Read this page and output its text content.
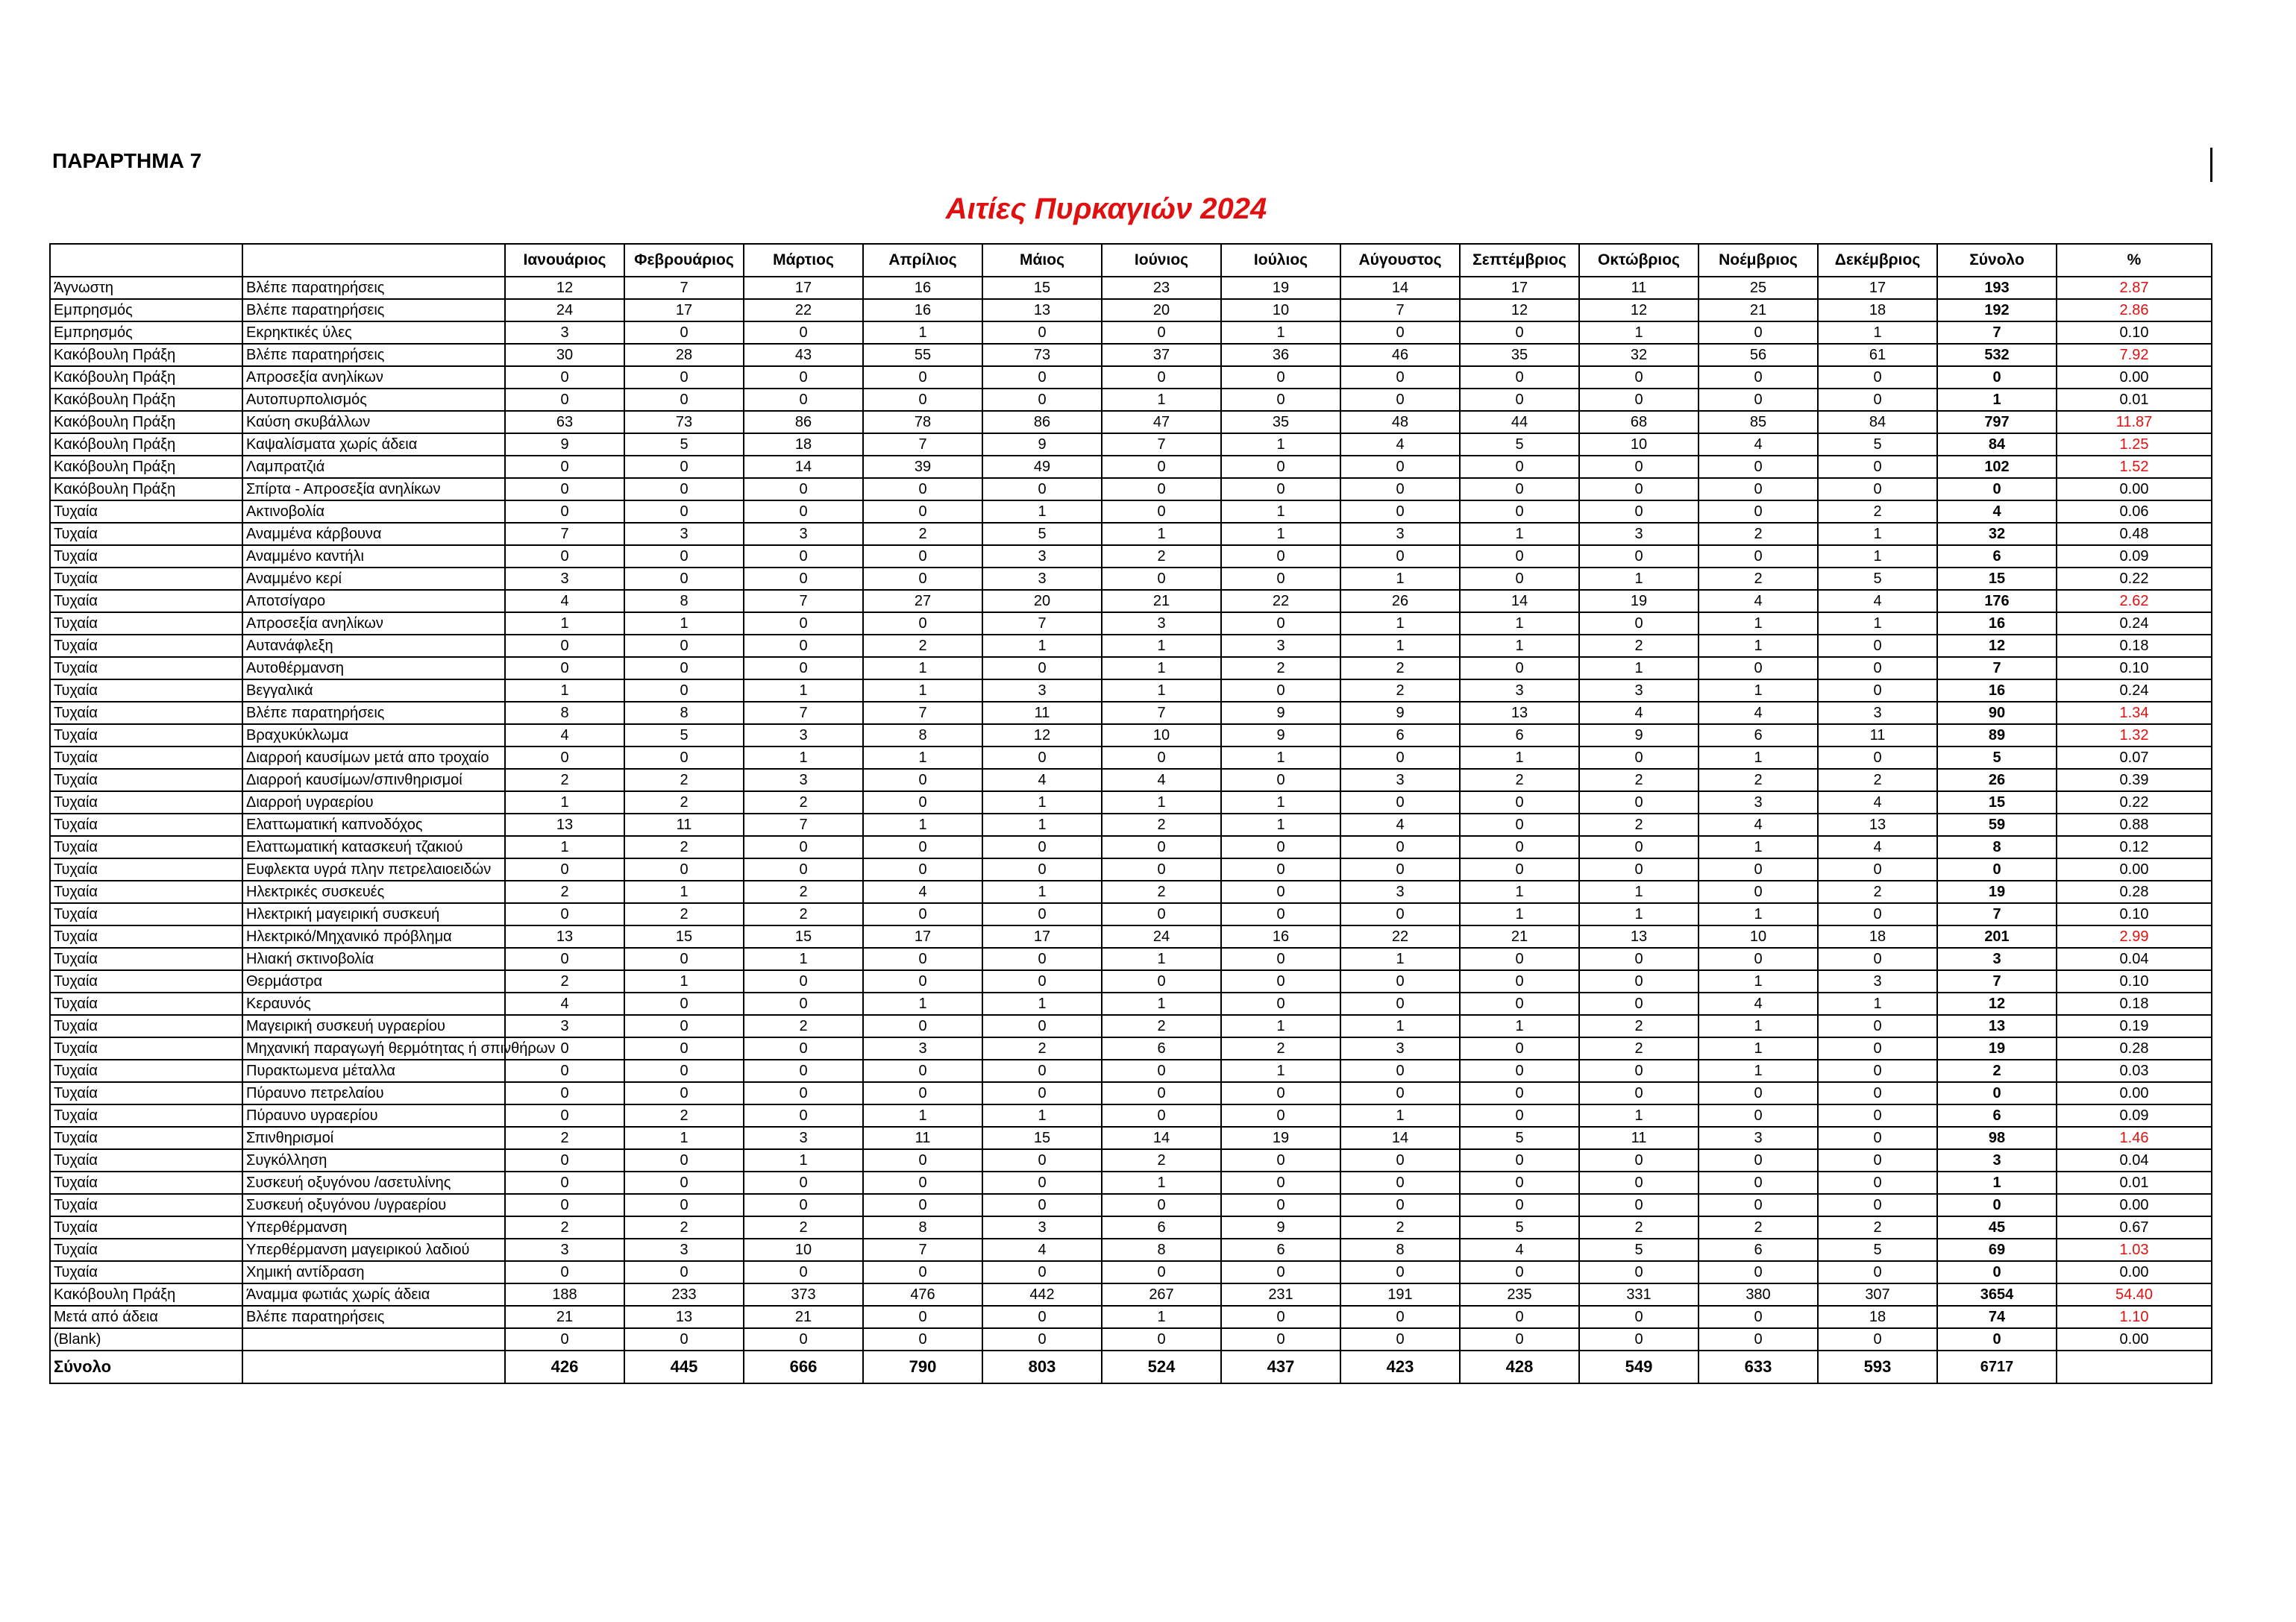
ΠΑΡΑΡΤΗΜΑ 7
Αιτίες Πυρκαγιών 2024
		Ιανουάριος	Φεβρουάριος	Μάρτιος	Απρίλιος	Μάιος	Ιούνιος	Ιούλιος	Αύγουστος	Σεπτέμβριος	Οκτώβριος	Νοέμβριος	Δεκέμβριος	Σύνολο	%
Άγνωστη	Βλέπε παρατηρήσεις	12	7	17	16	15	23	19	14	17	11	25	17	193	2.87
Εμπρησμός	Βλέπε παρατηρήσεις	24	17	22	16	13	20	10	7	12	12	21	18	192	2.86
Εμπρησμός	Εκρηκτικές ύλες	3	0	0	1	0	0	1	0	0	1	0	1	7	0.10
Κακόβουλη Πράξη	Βλέπε παρατηρήσεις	30	28	43	55	73	37	36	46	35	32	56	61	532	7.92
Κακόβουλη Πράξη	Απροσεξία ανηλίκων	0	0	0	0	0	0	0	0	0	0	0	0	0	0.00
Κακόβουλη Πράξη	Αυτοπυρπολισμός	0	0	0	0	0	1	0	0	0	0	0	0	1	0.01
Κακόβουλη Πράξη	Καύση σκυβάλλων	63	73	86	78	86	47	35	48	44	68	85	84	797	11.87
Κακόβουλη Πράξη	Καψαλίσματα χωρίς άδεια	9	5	18	7	9	7	1	4	5	10	4	5	84	1.25
Κακόβουλη Πράξη	Λαμπρατζιά	0	0	14	39	49	0	0	0	0	0	0	0	102	1.52
Κακόβουλη Πράξη	Σπίρτα - Απροσεξία ανηλίκων	0	0	0	0	0	0	0	0	0	0	0	0	0	0.00
Τυχαία	Ακτινοβολία	0	0	0	0	1	0	1	0	0	0	0	2	4	0.06
Τυχαία	Αναμμένα κάρβουνα	7	3	3	2	5	1	1	3	1	3	2	1	32	0.48
Τυχαία	Αναμμένο καντήλι	0	0	0	0	3	2	0	0	0	0	0	1	6	0.09
Τυχαία	Αναμμένο κερί	3	0	0	0	3	0	0	1	0	1	2	5	15	0.22
Τυχαία	Αποτσίγαρο	4	8	7	27	20	21	22	26	14	19	4	4	176	2.62
Τυχαία	Απροσεξία ανηλίκων	1	1	0	0	7	3	0	1	1	0	1	1	16	0.24
Τυχαία	Αυτανάφλεξη	0	0	0	2	1	1	3	1	1	2	1	0	12	0.18
Τυχαία	Αυτοθέρμανση	0	0	0	1	0	1	2	2	0	1	0	0	7	0.10
Τυχαία	Βεγγαλικά	1	0	1	1	3	1	0	2	3	3	1	0	16	0.24
Τυχαία	Βλέπε παρατηρήσεις	8	8	7	7	11	7	9	9	13	4	4	3	90	1.34
Τυχαία	Βραχυκύκλωμα	4	5	3	8	12	10	9	6	6	9	6	11	89	1.32
Τυχαία	Διαρροή καυσίμων μετά απο τροχαίο	0	0	1	1	0	0	1	0	1	0	1	0	5	0.07
Τυχαία	Διαρροή καυσίμων/σπινθηρισμοί	2	2	3	0	4	4	0	3	2	2	2	2	26	0.39
Τυχαία	Διαρροή υγραερίου	1	2	2	0	1	1	1	0	0	0	3	4	15	0.22
Τυχαία	Ελαττωματική καπνοδόχος	13	11	7	1	1	2	1	4	0	2	4	13	59	0.88
Τυχαία	Ελαττωματική κατασκευή τζακιού	1	2	0	0	0	0	0	0	0	0	1	4	8	0.12
Τυχαία	Ευφλεκτα υγρά πλην πετρελαιοειδών	0	0	0	0	0	0	0	0	0	0	0	0	0	0.00
Τυχαία	Ηλεκτρικές συσκευές	2	1	2	4	1	2	0	3	1	1	0	2	19	0.28
Τυχαία	Ηλεκτρική μαγειρική συσκευή	0	2	2	0	0	0	0	0	1	1	1	0	7	0.10
Τυχαία	Ηλεκτρικό/Μηχανικό πρόβλημα	13	15	15	17	17	24	16	22	21	13	10	18	201	2.99
Τυχαία	Ηλιακή σκτινοβολία	0	0	1	0	0	1	0	1	0	0	0	0	3	0.04
Τυχαία	Θερμάστρα	2	1	0	0	0	0	0	0	0	0	1	3	7	0.10
Τυχαία	Κεραυνός	4	0	0	1	1	1	0	0	0	0	4	1	12	0.18
Τυχαία	Μαγειρική συσκευή υγραερίου	3	0	2	0	0	2	1	1	1	2	1	0	13	0.19
Τυχαία	Μηχανική παραγωγή θερμότητας ή σπινθήρων	0	0	0	3	2	6	2	3	0	2	1	0	19	0.28
Τυχαία	Πυρακτωμενα μέταλλα	0	0	0	0	0	0	1	0	0	0	1	0	2	0.03
Τυχαία	Πύραυνο πετρελαίου	0	0	0	0	0	0	0	0	0	0	0	0	0	0.00
Τυχαία	Πύραυνο υγραερίου	0	2	0	1	1	0	0	1	0	1	0	0	6	0.09
Τυχαία	Σπινθηρισμοί	2	1	3	11	15	14	19	14	5	11	3	0	98	1.46
Τυχαία	Συγκόλληση	0	0	1	0	0	2	0	0	0	0	0	0	3	0.04
Τυχαία	Συσκευή οξυγόνου /ασετυλίνης	0	0	0	0	0	1	0	0	0	0	0	0	1	0.01
Τυχαία	Συσκευή οξυγόνου /υγραερίου	0	0	0	0	0	0	0	0	0	0	0	0	0	0.00
Τυχαία	Υπερθέρμανση	2	2	2	8	3	6	9	2	5	2	2	2	45	0.67
Τυχαία	Υπερθέρμανση μαγειρικού λαδιού	3	3	10	7	4	8	6	8	4	5	6	5	69	1.03
Τυχαία	Χημική αντίδραση	0	0	0	0	0	0	0	0	0	0	0	0	0	0.00
Κακόβουλη Πράξη	Άναμμα φωτιάς χωρίς άδεια	188	233	373	476	442	267	231	191	235	331	380	307	3654	54.40
Μετά από άδεια	Βλέπε παρατηρήσεις	21	13	21	0	0	1	0	0	0	0	0	18	74	1.10
(Blank)		0	0	0	0	0	0	0	0	0	0	0	0	0	0.00
Σύνολο		426	445	666	790	803	524	437	423	428	549	633	593	6717	
